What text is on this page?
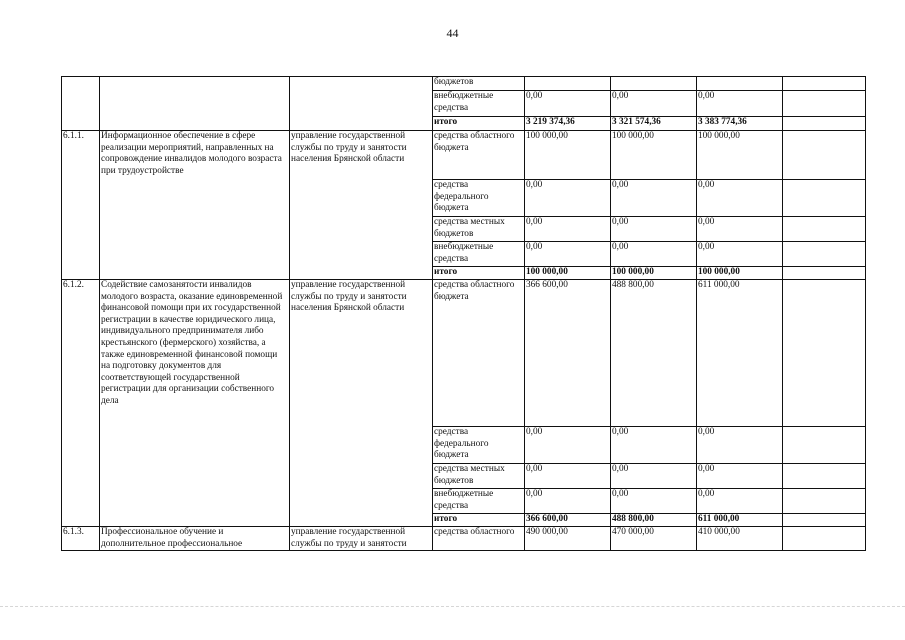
44
			бюджетов				
			внебюджетные средства	0,00	0,00	0,00	
			итого	3 219 374,36	3 321 574,36	3 383 774,36	
6.1.1.	Информационное обеспечение в сфере реализации мероприятий, направленных на сопровождение инвалидов молодого возраста при трудоустройстве	управление государственной службы по труду и занятости населения Брянской области	средства областного бюджета	100 000,00	100 000,00	100 000,00	
			средства федерального бюджета	0,00	0,00	0,00	
			средства местных бюджетов	0,00	0,00	0,00	
			внебюджетные средства	0,00	0,00	0,00	
			итого	100 000,00	100 000,00	100 000,00	
6.1.2.	Содействие самозанятости инвалидов молодого возраста, оказание единовременной финансовой помощи при их государственной регистрации в качестве юридического лица, индивидуального предпринимателя либо крестьянского (фермерского) хозяйства, а также единовременной финансовой помощи на подготовку документов для соответствующей государственной регистрации для организации собственного дела	управление государственной службы по труду и занятости населения Брянской области	средства областного бюджета	366 600,00	488 800,00	611 000,00	
			средства федерального бюджета	0,00	0,00	0,00	
			средства местных бюджетов	0,00	0,00	0,00	
			внебюджетные средства	0,00	0,00	0,00	
			итого	366 600,00	488 800,00	611 000,00	
6.1.3.	Профессиональное обучение и дополнительное профессиональное	управление государственной службы по труду и занятости	средства областного	490 000,00	470 000,00	410 000,00	
